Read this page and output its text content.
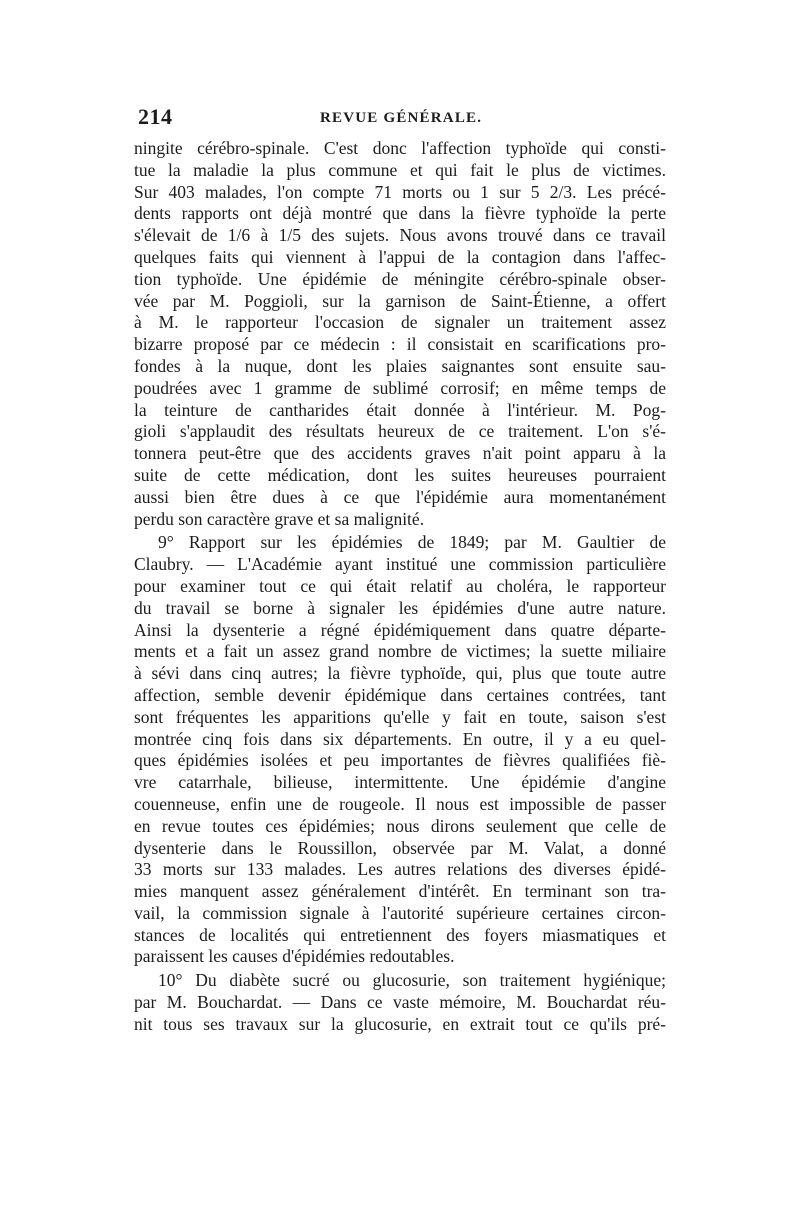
214	REVUE GÉNÉRALE.
ningite cérébro-spinale. C'est donc l'affection typhoïde qui consti-
tue la maladie la plus commune et qui fait le plus de victimes.
Sur 403 malades, l'on compte 71 morts ou 1 sur 5 2/3. Les précé-
dents rapports ont déjà montré que dans la fièvre typhoïde la perte
s'élevait de 1/6 à 1/5 des sujets. Nous avons trouvé dans ce travail
quelques faits qui viennent à l'appui de la contagion dans l'affec-
tion typhoïde. Une épidémie de méningite cérébro-spinale obser-
vée par M. Poggioli, sur la garnison de Saint-Étienne, a offert
à M. le rapporteur l'occasion de signaler un traitement assez
bizarre proposé par ce médecin : il consistait en scarifications pro-
fondes à la nuque, dont les plaies saignantes sont ensuite sau-
poudrées avec 1 gramme de sublimé corrosif; en même temps de
la teinture de cantharides était donnée à l'intérieur. M. Pog-
gioli s'applaudit des résultats heureux de ce traitement. L'on s'é-
tonnera peut-être que des accidents graves n'ait point apparu à la
suite de cette médication, dont les suites heureuses pourraient
aussi bien être dues à ce que l'épidémie aura momentanément
perdu son caractère grave et sa malignité.
9° Rapport sur les épidémies de 1849; par M. Gaultier de
Claubry. — L'Académie ayant institué une commission particulière
pour examiner tout ce qui était relatif au choléra, le rapporteur
du travail se borne à signaler les épidémies d'une autre nature.
Ainsi la dysenterie a régné épidémiquement dans quatre départe-
ments et a fait un assez grand nombre de victimes; la suette miliaire
à sévi dans cinq autres; la fièvre typhoïde, qui, plus que toute autre
affection, semble devenir épidémique dans certaines contrées, tant
sont fréquentes les apparitions qu'elle y fait en toute, saison s'est
montrée cinq fois dans six départements. En outre, il y a eu quel-
ques épidémies isolées et peu importantes de fièvres qualifiées fiè-
vre catarrhale, bilieuse, intermittente. Une épidémie d'angine
couenneuse, enfin une de rougeole. Il nous est impossible de passer
en revue toutes ces épidémies; nous dirons seulement que celle de
dysenterie dans le Roussillon, observée par M. Valat, a donné
33 morts sur 133 malades. Les autres relations des diverses épidé-
mies manquent assez généralement d'intérêt. En terminant son tra-
vail, la commission signale à l'autorité supérieure certaines circon-
stances de localités qui entretiennent des foyers miasmatiques et
paraissent les causes d'épidémies redoutables.
10° Du diabète sucré ou glucosurie, son traitement hygiénique;
par M. Bouchardat. — Dans ce vaste mémoire, M. Bouchardat réu-
nit tous ses travaux sur la glucosurie, en extrait tout ce qu'ils pré-
